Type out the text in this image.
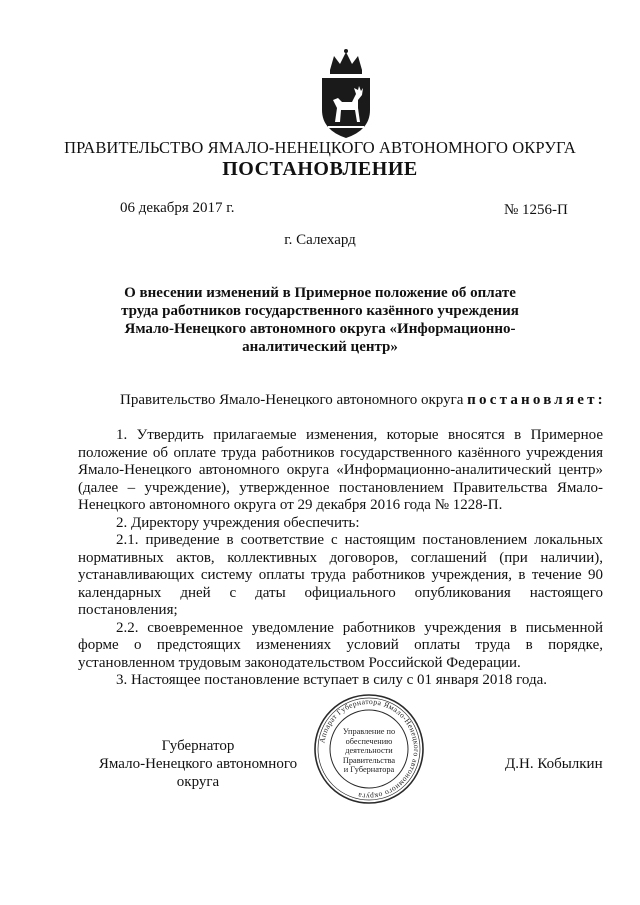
ПРАВИТЕЛЬСТВО ЯМАЛО-НЕНЕЦКОГО АВТОНОМНОГО ОКРУГА
ПОСТАНОВЛЕНИЕ
06 декабря 2017 г.	№ 1256-П
г. Салехард
О внесении изменений в Примерное положение об оплате труда работников государственного казённого учреждения Ямало-Ненецкого автономного округа «Информационно-аналитический центр»
Правительство Ямало-Ненецкого автономного округа постановляет:

1. Утвердить прилагаемые изменения, которые вносятся в Примерное положение об оплате труда работников государственного казённого учреждения Ямало-Ненецкого автономного округа «Информационно-аналитический центр» (далее – учреждение), утвержденное постановлением Правительства Ямало-Ненецкого автономного округа от 29 декабря 2016 года № 1228-П.

2. Директору учреждения обеспечить:

2.1. приведение в соответствие с настоящим постановлением локальных нормативных актов, коллективных договоров, соглашений (при наличии), устанавливающих систему оплаты труда работников учреждения, в течение 90 календарных дней с даты официального опубликования настоящего постановления;

2.2. своевременное уведомление работников учреждения в письменной форме о предстоящих изменениях условий оплаты труда в порядке, установленном трудовым законодательством Российской Федерации.

3. Настоящее постановление вступает в силу с 01 января 2018 года.

Губернатор
Ямало-Ненецкого автономного округа
Д.Н. Кобылкин
Аппарат Губернатора Ямало-Ненецкого автономного округа
Управление по
обеспечению
деятельности
Правительства
и Губернатора
